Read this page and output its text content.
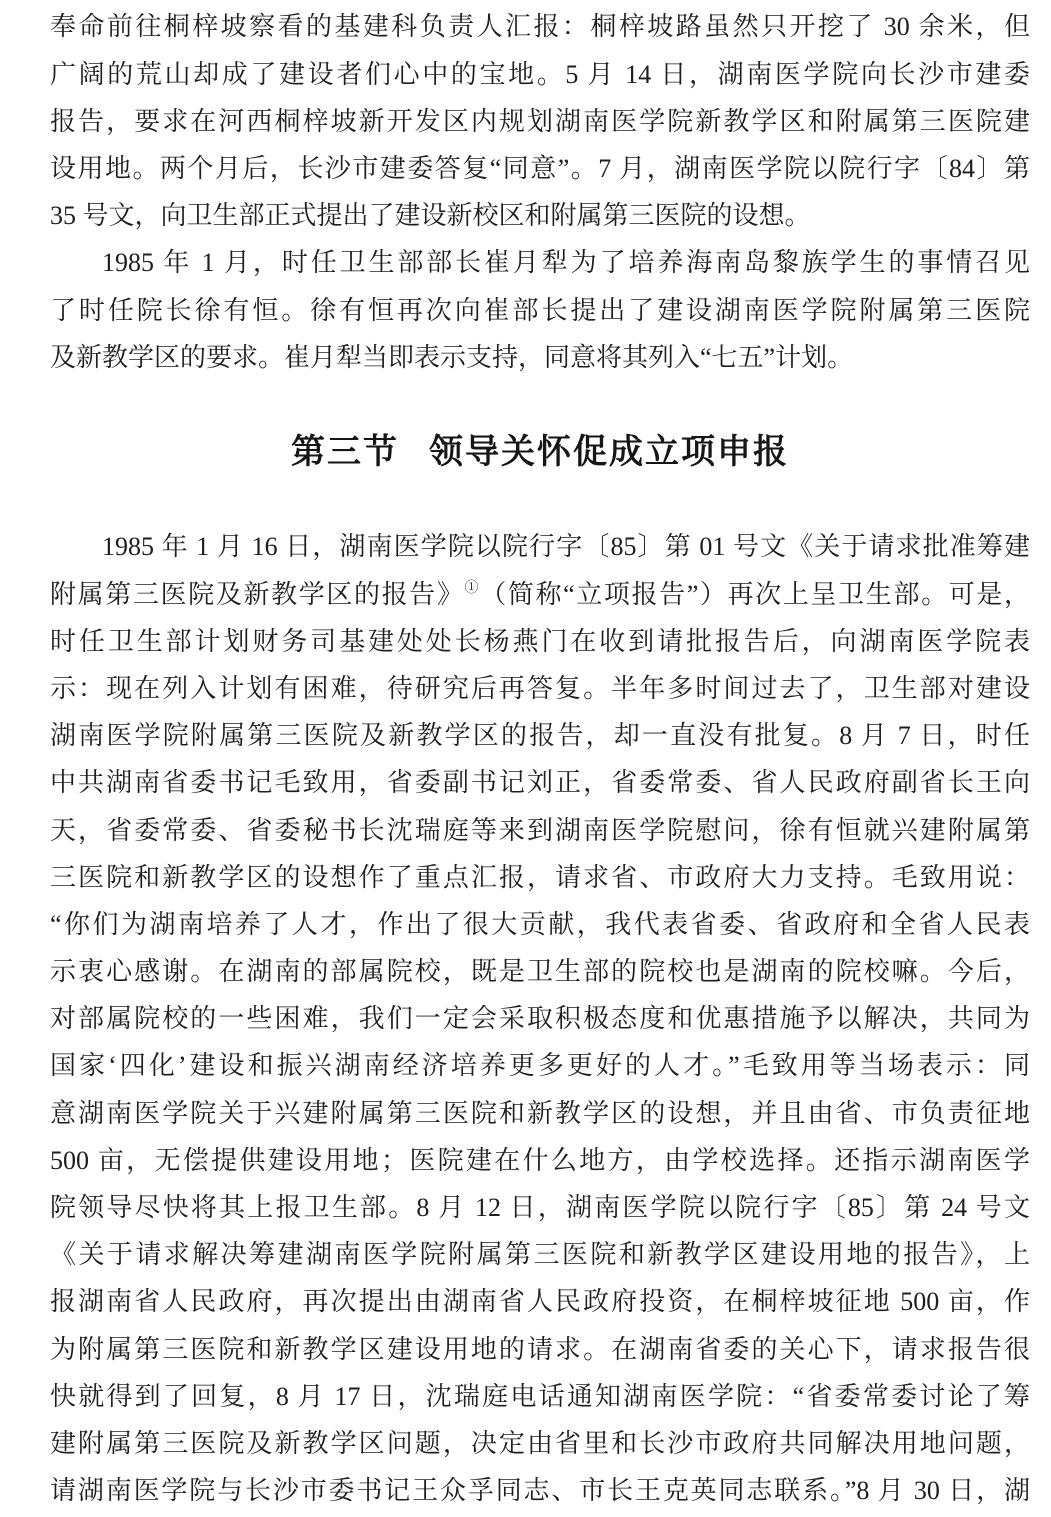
奉命前往桐梓坡察看的基建科负责人汇报：桐梓坡路虽然只开挖了 30 余米，但
广阔的荒山却成了建设者们心中的宝地。5 月 14 日，湖南医学院向长沙市建委
报告，要求在河西桐梓坡新开发区内规划湖南医学院新教学区和附属第三医院建
设用地。两个月后，长沙市建委答复“同意”。7 月，湖南医学院以院行字〔84〕第
35 号文，向卫生部正式提出了建设新校区和附属第三医院的设想。
1985 年 1 月，时任卫生部部长崔月犁为了培养海南岛黎族学生的事情召见
了时任院长徐有恒。徐有恒再次向崔部长提出了建设湖南医学院附属第三医院
及新教学区的要求。崔月犁当即表示支持，同意将其列入“七五”计划。
第三节 领导关怀促成立项申报
1985 年 1 月 16 日，湖南医学院以院行字〔85〕第 01 号文《关于请求批准筹建
附属第三医院及新教学区的报告》①（简称“立项报告”）再次上呈卫生部。可是，
时任卫生部计划财务司基建处处长杨燕门在收到请批报告后，向湖南医学院表
示：现在列入计划有困难，待研究后再答复。半年多时间过去了，卫生部对建设
湖南医学院附属第三医院及新教学区的报告，却一直没有批复。8 月 7 日，时任
中共湖南省委书记毛致用，省委副书记刘正，省委常委、省人民政府副省长王向
天，省委常委、省委秘书长沈瑞庭等来到湖南医学院慰问，徐有恒就兴建附属第
三医院和新教学区的设想作了重点汇报，请求省、市政府大力支持。毛致用说：
“你们为湖南培养了人才，作出了很大贡献，我代表省委、省政府和全省人民表
示衷心感谢。在湖南的部属院校，既是卫生部的院校也是湖南的院校嘛。今后，
对部属院校的一些困难，我们一定会采取积极态度和优惠措施予以解决，共同为
国家‘四化’建设和振兴湖南经济培养更多更好的人才。”毛致用等当场表示：同
意湖南医学院关于兴建附属第三医院和新教学区的设想，并且由省、市负责征地
500 亩，无偿提供建设用地；医院建在什么地方，由学校选择。还指示湖南医学
院领导尽快将其上报卫生部。8 月 12 日，湖南医学院以院行字〔85〕第 24 号文
《关于请求解决筹建湖南医学院附属第三医院和新教学区建设用地的报告》，上
报湖南省人民政府，再次提出由湖南省人民政府投资，在桐梓坡征地 500 亩，作
为附属第三医院和新教学区建设用地的请求。在湖南省委的关心下，请求报告很
快就得到了回复，8 月 17 日，沈瑞庭电话通知湖南医学院：“省委常委讨论了筹
建附属第三医院及新教学区问题，决定由省里和长沙市政府共同解决用地问题，
请湖南医学院与长沙市委书记王众孚同志、市长王克英同志联系。”8 月 30 日，湖
